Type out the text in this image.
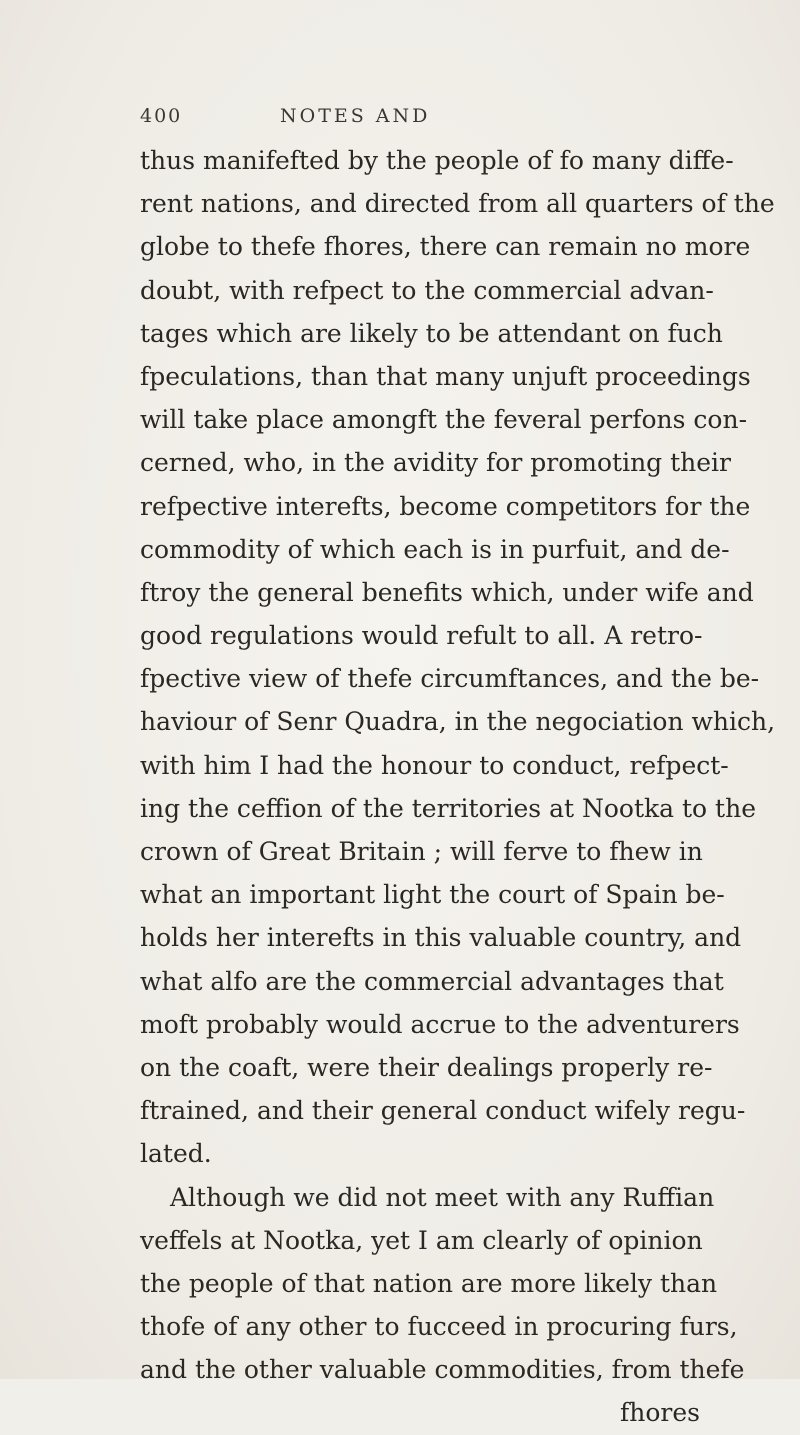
400	NOTES AND
thus manifefted by the people of fo many diffe-
rent nations, and directed from all quarters of the
globe to thefe fhores, there can remain no more
doubt, with refpect to the commercial advan-
tages which are likely to be attendant on fuch
fpeculations, than that many unjuft proceedings
will take place amongft the feveral perfons con-
cerned, who, in the avidity for promoting their
refpective interefts, become competitors for the
commodity of which each is in purfuit, and de-
ftroy the general benefits which, under wife and
good regulations would refult to all. A retro-
fpective view of thefe circumftances, and the be-
haviour of Senr Quadra, in the negociation which,
with him I had the honour to conduct, refpect-
ing the ceffion of the territories at Nootka to the
crown of Great Britain ; will ferve to fhew in
what an important light the court of Spain be-
holds her interefts in this valuable country, and
what alfo are the commercial advantages that
moft probably would accrue to the adventurers
on the coaft, were their dealings properly re-
ftrained, and their general conduct wifely regu-
lated.
Although we did not meet with any Ruffian
veffels at Nootka, yet I am clearly of opinion
the people of that nation are more likely than
thofe of any other to fucceed in procuring furs,
and the other valuable commodities, from thefe
fhores
